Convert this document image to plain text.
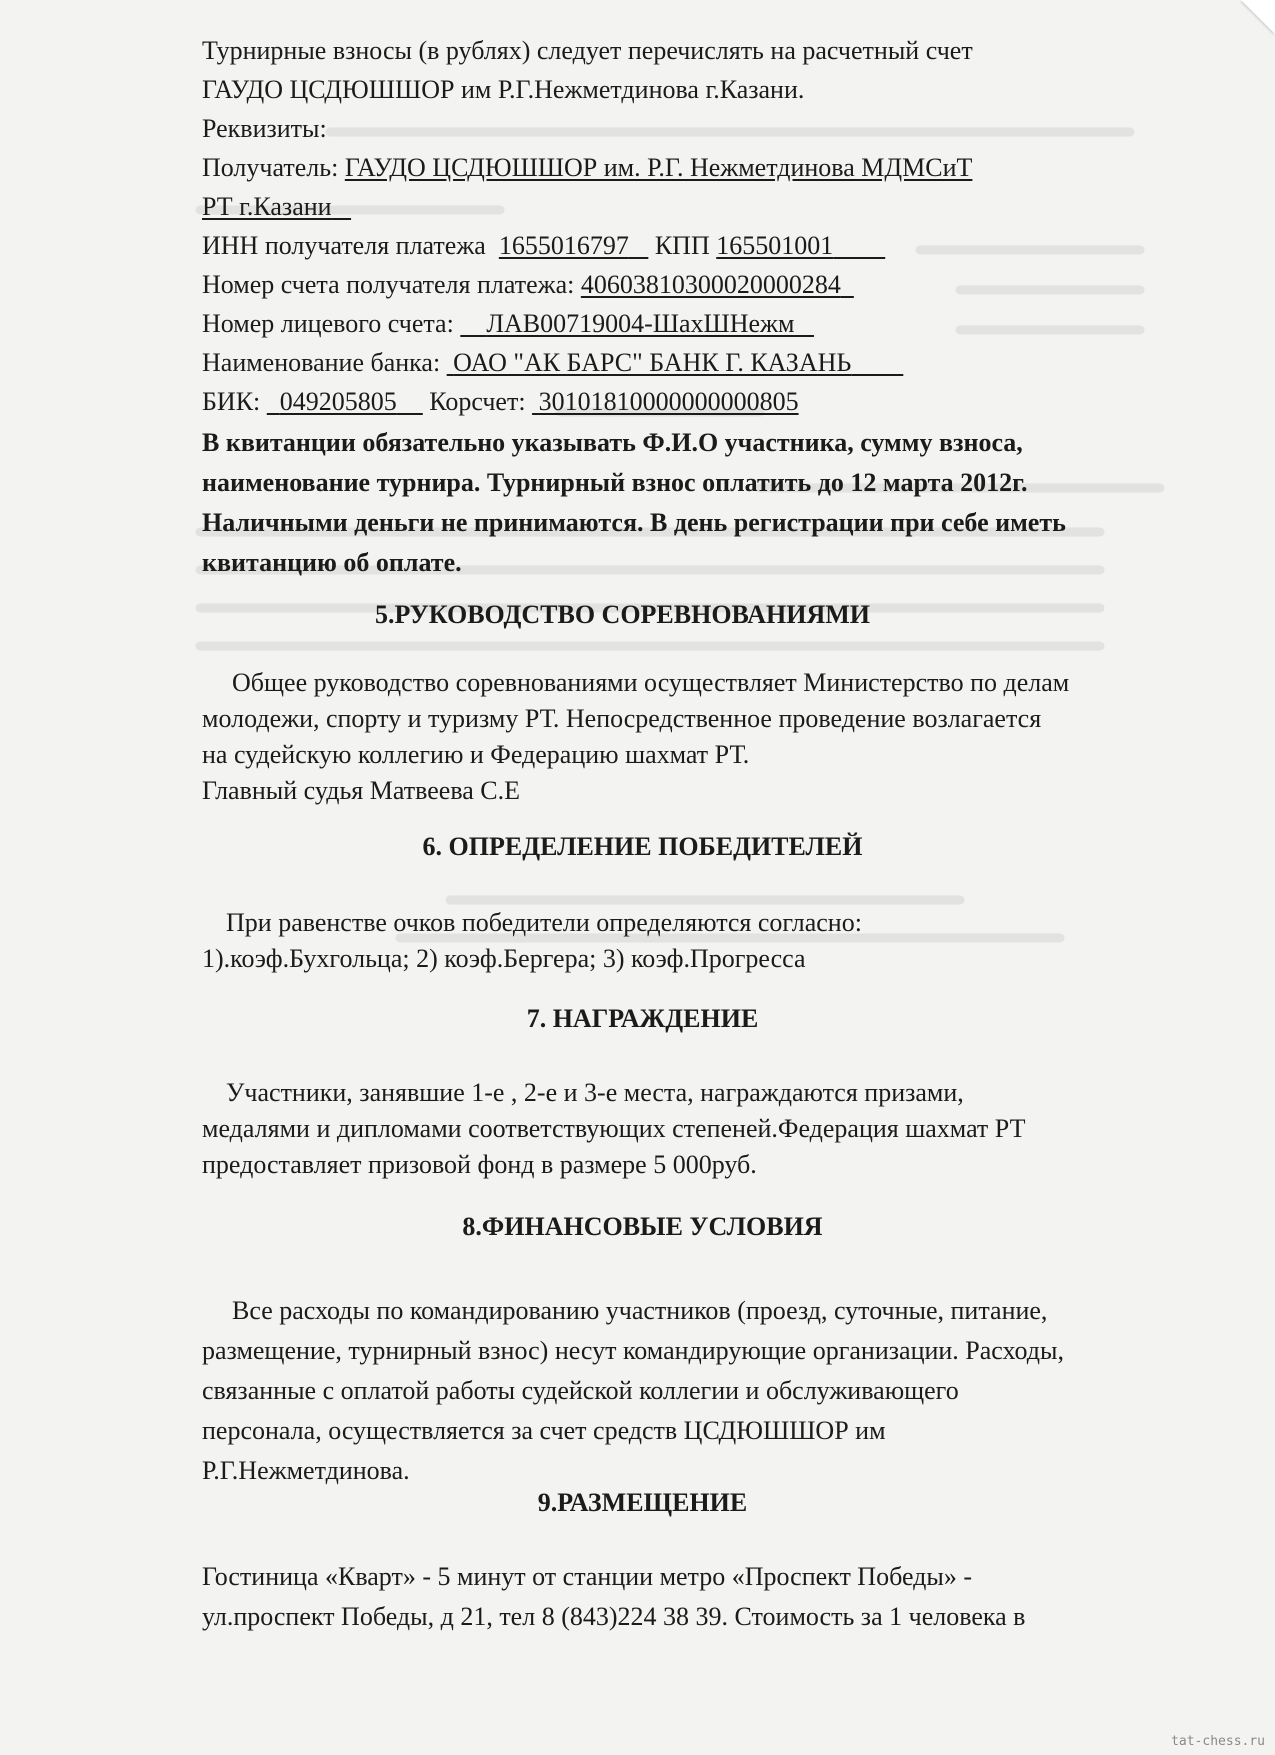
Турнирные взносы (в рублях) следует перечислять на расчетный счет
ГАУДО ЦСДЮШШОР им Р.Г.Нежметдинова г.Казани.
Реквизиты:
Получатель: ГАУДО ЦСДЮШШОР им. Р.Г. Нежметдинова МДМСиТ
РТ г.Казани
ИНН получателя платежа 1655016797 КПП 165501001
Номер счета получателя платежа: 40603810300020000284
Номер лицевого счета: ЛАВ00719004-ШахШНежм
Наименование банка: ОАО "АК БАРС" БАНК Г. КАЗАНЬ
БИК: 049205805 Корсчет: 30101810000000000805
В квитанции обязательно указывать Ф.И.О участника, сумму взноса,
наименование турнира. Турнирный взнос оплатить до 12 марта 2012г.
Наличными деньги не принимаются. В день регистрации при себе иметь
квитанцию об оплате.
5.РУКОВОДСТВО СОРЕВНОВАНИЯМИ
Общее руководство соревнованиями осуществляет Министерство по делам
молодежи, спорту и туризму РТ. Непосредственное проведение возлагается
на судейскую коллегию и Федерацию шахмат РТ.
Главный судья Матвеева С.Е
6. ОПРЕДЕЛЕНИЕ ПОБЕДИТЕЛЕЙ
При равенстве очков победители определяются согласно:
1).коэф.Бухгольца; 2) коэф.Бергера; 3) коэф.Прогресса
7. НАГРАЖДЕНИЕ
Участники, занявшие 1-е , 2-е и 3-е места, награждаются призами,
медалями и дипломами соответствующих степеней.Федерация шахмат РТ
предоставляет призовой фонд в размере 5 000руб.
8.ФИНАНСОВЫЕ УСЛОВИЯ
Все расходы по командированию участников (проезд, суточные, питание,
размещение, турнирный взнос) несут командирующие организации. Расходы,
связанные с оплатой работы судейской коллегии и обслуживающего
персонала, осуществляется за счет средств ЦСДЮШШОР им
Р.Г.Нежметдинова.
9.РАЗМЕЩЕНИЕ
Гостиница «Кварт» - 5 минут от станции метро «Проспект Победы» -
ул.проспект Победы, д 21, тел 8 (843)224 38 39. Стоимость за 1 человека в
tat-chess.ru
